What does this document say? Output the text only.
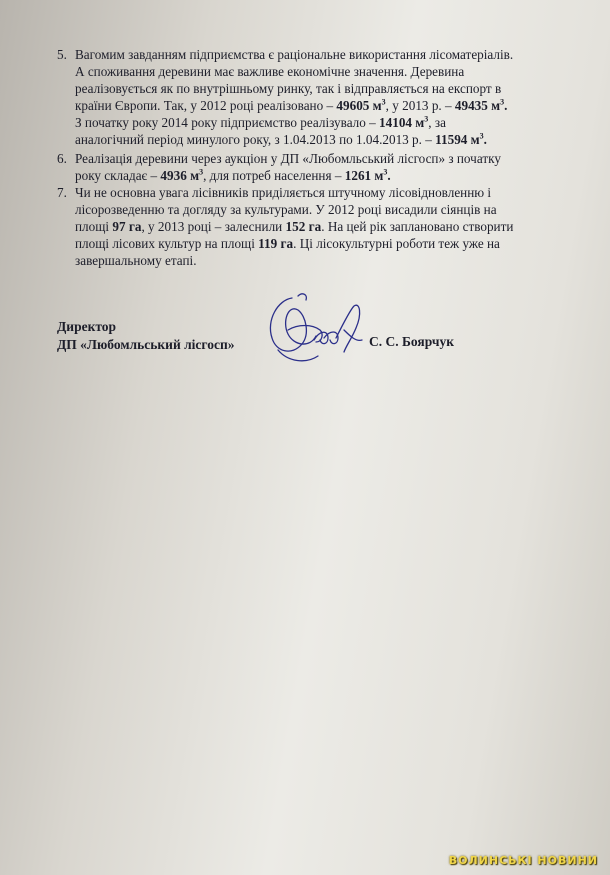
5. Вагомим завданням підприємства є раціональне використання лісоматеріалів.
А споживання деревини має важливе економічне значення. Деревина
реалізовується як по внутрішньому ринку, так і відправляється на експорт в
країни Європи. Так, у 2012 році реалізовано – 49605 $м^3$, у 2013 р. – 49435 $м^3$.
З початку року 2014 року підприємство реалізувало – 14104 $м^3$, за
аналогічний період минулого року, з 1.04.2013 по 1.04.2013 р. – 11594 $м^3$.
6. Реалізація деревини через аукціон у ДП «Любомльський лісгосп» з початку
року складає – 4936 $м^3$, для потреб населення – 1261 $м^3$.
7. Чи не основна увага лісівників приділяється штучному лісовідновленню і
лісорозведенню та догляду за культурами. У 2012 році висадили сіянців на
площі 97 га, у 2013 році – залеснили 152 га. На цей рік заплановано створити
площі лісових культур на площі 119 га. Ці лісокультурні роботи теж уже на
завершальному етапі.
Директор
ДП «Любомльський лісгосп»	С. С. Боярчук
ВОЛИНСЬКІ НОВИНИ
